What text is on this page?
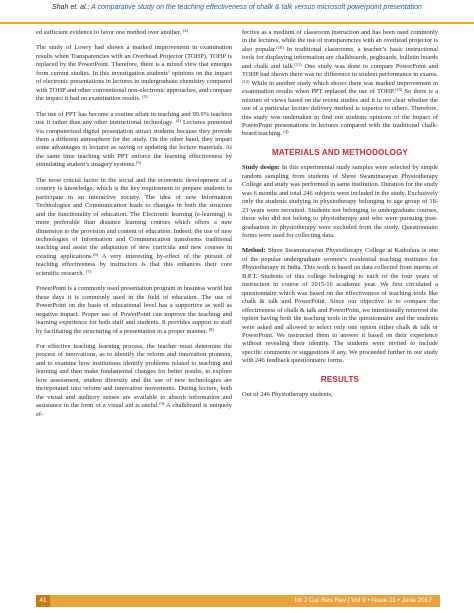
Shah et. al.: A comparative study on the teaching effectiveness of chalk & talk versus microsoft powerpoint presentation

ed sufficient evidence to favor one method over another. $^{(2)}$

The study of Lowry had shown a marked improvement in examination results when Transparencies with an Overhead Projector (TOHP), TOHP is replaced by the PowerPoint. Therefore, there is a mixed view that emerges from current studies. In this investigation students’ opinions on the impact of electronic presentations in lectures in undergraduate chemistry compared with TOHP and other conventional non-electronic approaches, and compare the impact it had on examination results. $^{(3)}$

The use of PPT has become a routine affair in teaching and 99.9% teachers use it rather than any other instructional technology. $^{(4)}$ Lectures presented via computerized digital presentation attract students because they provide them a different atmosphere for the study. On the other hand, they impart some advantages to lecturer as saving or updating the lecture materials. At the same time teaching with PPT enforce the learning effectiveness by stimulating student’s imagery systems.$^{(5)}$

The most crucial factor in the social and the economic development of a country is knowledge, which is the key requirement to prepare students to participate in an interactive society. The idea of new Information Technologies and Communication leads to changes in both the structure and the functionality of education. The Electronic learning (e-learning) is more preferable than distance learning courses which offers a new dimension to the provision and content of education. Indeed, the use of new technologies of Information and Communication transforms traditional teaching and assist the adaptation of new curricula and new courses in existing applications.$^{(6)}$ A very interesting by-effect of the pursuit of teaching effectiveness by instructors is that this enhances their core scientific research. $^{(7)}$

PowerPoint is a commonly used presentation program in business world but these days it is commonly used in the field of education. The use of PowerPoint on the basis of educational level has a supportive as well as negative impact. Proper use of PowerPoint can improve the teaching and learning experience for both staff and students. It provides support to staff by facilitating the structuring of a presentation in a proper manner. $^{(8)}$

For effective teaching learning process, the teacher must determine the process of innovations, as to identify the reform and innovation pioneers, and to examine how institutions identify problems related to teaching and learning and then make fundamental changes for better results, to explore how assessment, student diversity and the use of new technologies are incorporated into reform and innovation movements. During lecture, both the visual and auditory senses are available to absorb information and assistance in the form of a visual aid is useful.$^{(9)}$ A chalkboard is uniquely ef-

fective as a medium of classroom instruction and has been used commonly in the lectures, while the use of transparencies with an overhead projector is also popular.$^{(10)}$ In traditional classrooms, a teacher’s basic instructional tools for displaying information are chalkboards, pegboards, bulletin boards and chalk and talk.$^{(11)}$ One study was done to compare PowerPoint and TOHP had shown there was no difference in student performance in exams. $^{(12)}$ While in another study which shows there was marked improvement in examination results when PPT replaced the use of TOHP.$^{(13)}$ So there is a mixture of views based on the recent studies and it is not clear whether the use of a particular lecture delivery method is superior to others. Therefore, this study was undertaken to find out students opinions of the impact of PowerPoint presentations in lectures compared with the traditional chalk-board teaching. $^{(4)}$

MATERIALS AND METHODOLOGY

Study design: In this experimental study samples were selected by simple random sampling from students of Shree Swaminarayan Physiotherapy College and study was performed in same institution. Duration for the study was 6 months and total 246 subjects were included in the study. Exclusively only the students studying in physiotherapy belonging to age group of 18-23 years were recruited. Students not belonging to undergraduate courses, those who did not belong to physiotherapy and who were pursuing post-graduation in physiotherapy were excluded from the study. Questionnaire forms were used for collecting data.

Method: Shree Swaminarayan Physiotherapy College at Kadodara is one of the popular undergraduate women’s residential teaching institutes for Physiotherapy in India. This work is based on data collected from interns of B.P.T. Students of this college belonging to each of the four years of instruction in course of 2015-16 academic year. We first circulated a questionnaire which was based on the effectiveness of teaching tools like chalk & talk and PowerPoint. Since our objective is to compare the effectiveness of chalk & talk and PowerPoint, we intentionally removed the option having both the teaching tools in the questionnaire and the students were asked and allowed to select only one option either chalk & talk or PowerPoint. We instructed them to answer it based on their experience without revealing their identity. The students were invited to include specific comments or suggestions if any. We proceeded further in our study with 246 feedback questionnaire forms.

RESULTS

Out of 246 Physiotherapy students,

41	Int J Cur Res Rev | Vol 9 • Issue 11 • June 2017
